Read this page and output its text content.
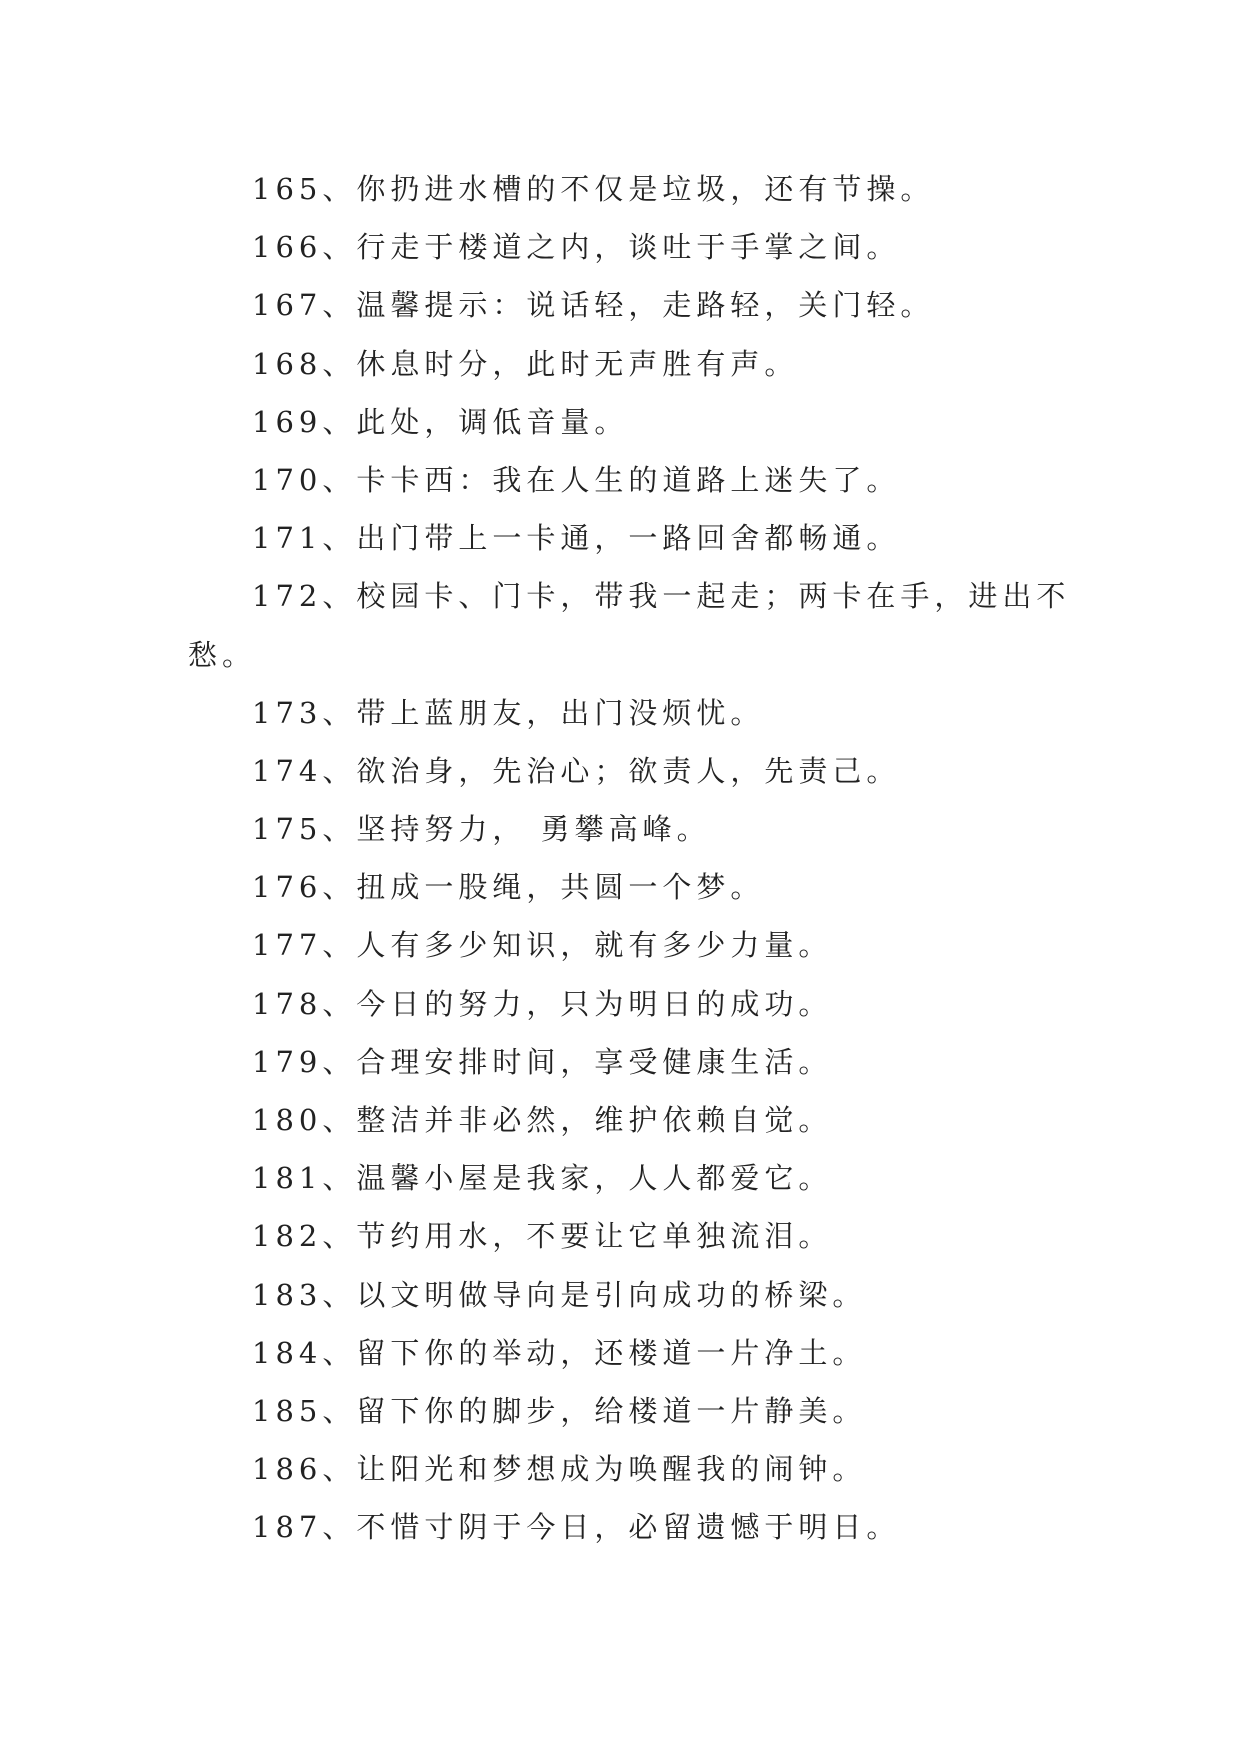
165、你扔进水槽的不仅是垃圾，还有节操。
166、行走于楼道之内，谈吐于手掌之间。
167、温馨提示：说话轻，走路轻，关门轻。
168、休息时分，此时无声胜有声。
169、此处，调低音量。
170、卡卡西：我在人生的道路上迷失了。
171、出门带上一卡通，一路回舍都畅通。
172、校园卡、门卡，带我一起走；两卡在手，进出不
愁。
173、带上蓝朋友，出门没烦忧。
174、欲治身，先治心；欲责人，先责己。
175、坚持努力， 勇攀高峰。
176、扭成一股绳，共圆一个梦。
177、人有多少知识，就有多少力量。
178、今日的努力，只为明日的成功。
179、合理安排时间，享受健康生活。
180、整洁并非必然，维护依赖自觉。
181、温馨小屋是我家，人人都爱它。
182、节约用水，不要让它单独流泪。
183、以文明做导向是引向成功的桥梁。
184、留下你的举动，还楼道一片净土。
185、留下你的脚步，给楼道一片静美。
186、让阳光和梦想成为唤醒我的闹钟。
187、不惜寸阴于今日，必留遗憾于明日。
